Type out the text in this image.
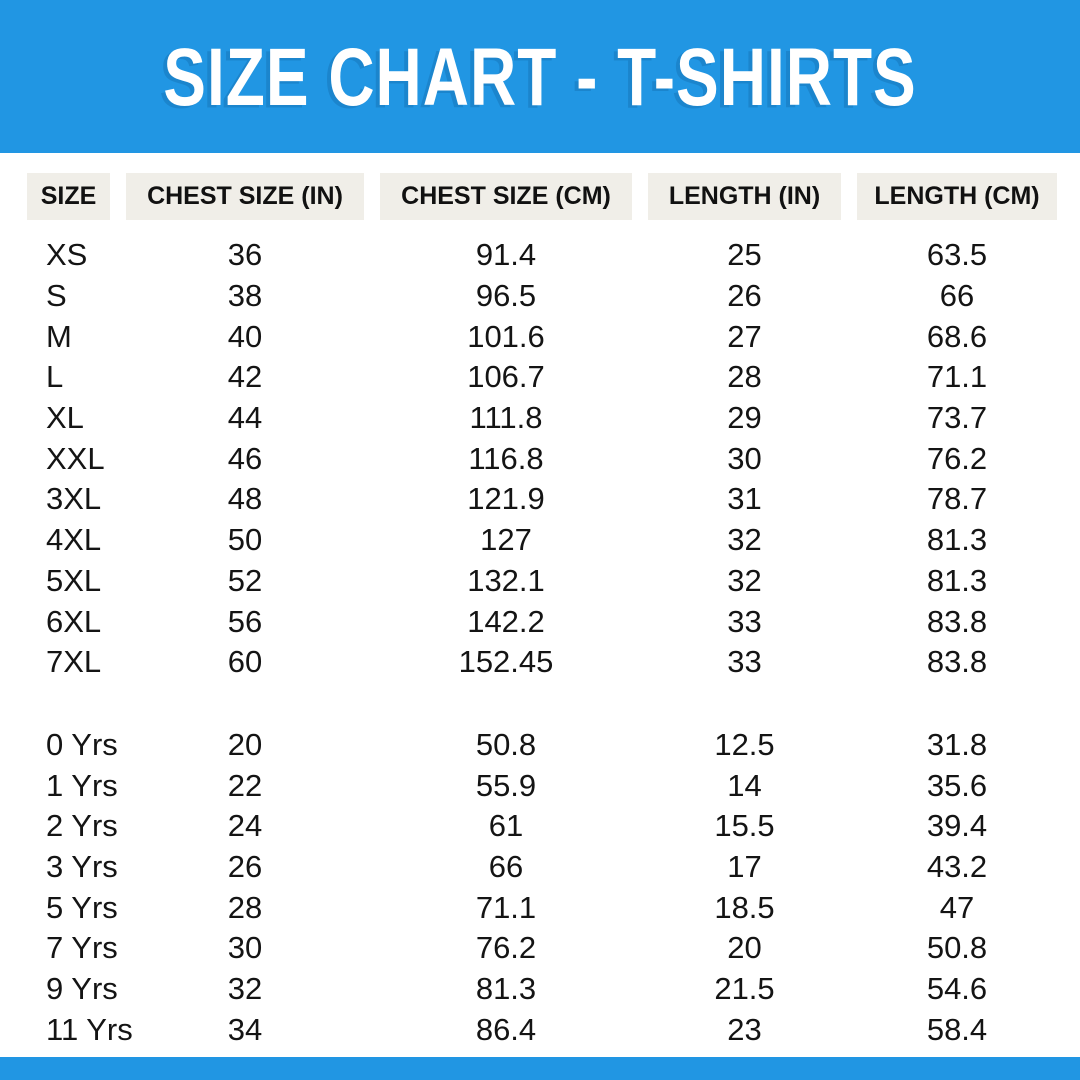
SIZE CHART - T-SHIRTS
SIZE	CHEST SIZE (IN)	CHEST SIZE (CM)	LENGTH (IN)	LENGTH (CM)
XS	36	91.4	25	63.5
S	38	96.5	26	66
M	40	101.6	27	68.6
L	42	106.7	28	71.1
XL	44	111.8	29	73.7
XXL	46	116.8	30	76.2
3XL	48	121.9	31	78.7
4XL	50	127	32	81.3
5XL	52	132.1	32	81.3
6XL	56	142.2	33	83.8
7XL	60	152.45	33	83.8
0 Yrs	20	50.8	12.5	31.8
1 Yrs	22	55.9	14	35.6
2 Yrs	24	61	15.5	39.4
3 Yrs	26	66	17	43.2
5 Yrs	28	71.1	18.5	47
7 Yrs	30	76.2	20	50.8
9 Yrs	32	81.3	21.5	54.6
11 Yrs	34	86.4	23	58.4
